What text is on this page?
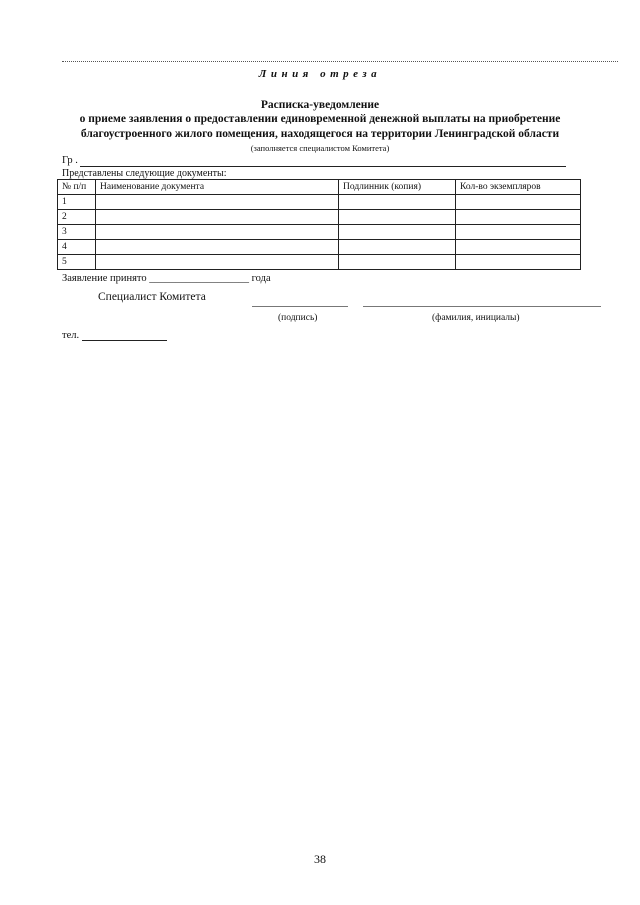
Линия отреза
Расписка-уведомление
о приеме заявления о предоставлении единовременной денежной выплаты на приобретение
благоустроенного жилого помещения, находящегося на территории Ленинградской области
(заполняется специалистом Комитета)
Гр .
Представлены следующие документы:
№ п/п	Наименование документа	Подлинник (копия)	Кол-во экземпляров
1			
2			
3			
4			
5			
Заявление принято ___________________ года
Специалист Комитета
(подпись)	(фамилия, инициалы)
тел.
38
